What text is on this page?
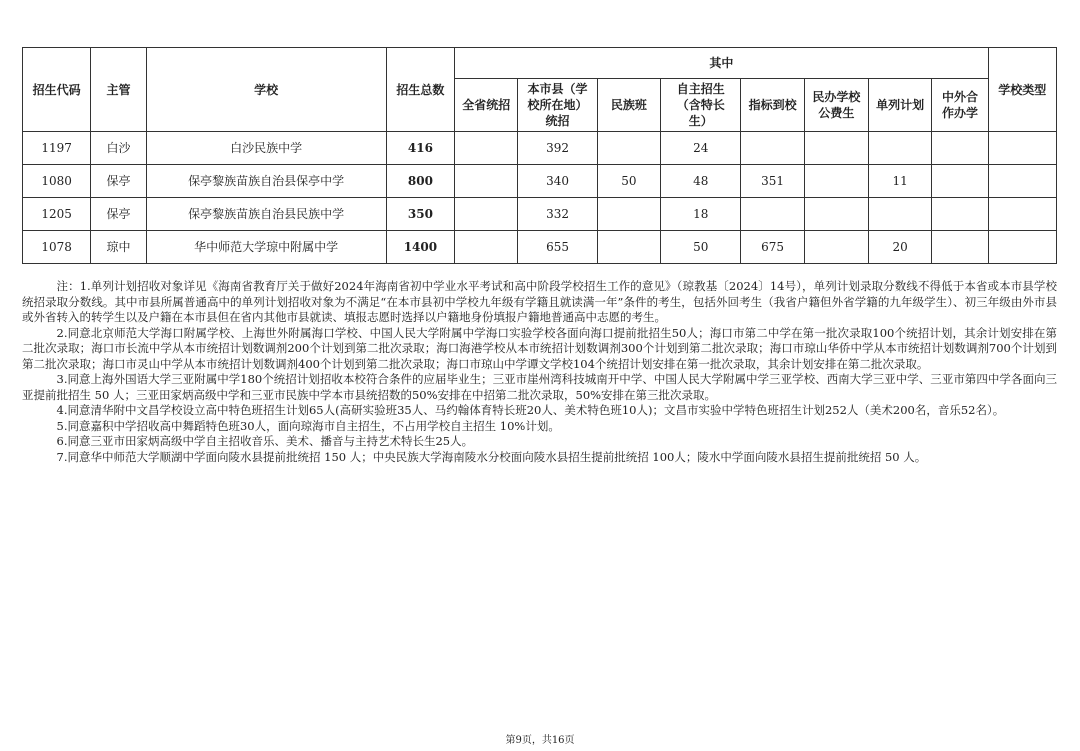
招生代码	主管	学校	招生总数	其中								学校类型
				全省统招	本市县（学校所在地）统招	民族班	自主招生（含特长生）	指标到校	民办学校公费生	单列计划	中外合作办学	
1197	白沙	白沙民族中学	416		392		24					
1080	保亭	保亭黎族苗族自治县保亭中学	800		340	50	48	351		11		
1205	保亭	保亭黎族苗族自治县民族中学	350		332		18					
1078	琼中	华中师范大学琼中附属中学	1400		655		50	675		20		

注：1.单列计划招收对象详见《海南省教育厅关于做好2024年海南省初中学业水平考试和高中阶段学校招生工作的意见》（琼教基〔2024〕14号），单列计划录取分数线不得低于本省或本市县学校统招录取分数线。其中市县所属普通高中的单列计划招收对象为不满足“在本市县初中学校九年级有学籍且就读满一年”条件的考生，包括外回考生（我省户籍但外省学籍的九年级学生）、初三年级由外市县或外省转入的转学生以及户籍在本市县但在省内其他市县就读、填报志愿时选择以户籍地身份填报户籍地普通高中志愿的考生。

2.同意北京师范大学海口附属学校、上海世外附属海口学校、中国人民大学附属中学海口实验学校各面向海口提前批招生50人；海口市第二中学在第一批次录取100个统招计划，其余计划安排在第二批次录取；海口市长流中学从本市统招计划数调剂200个计划到第二批次录取；海口海港学校从本市统招计划数调剂300个计划到第二批次录取；海口市琼山华侨中学从本市统招计划数调剂700个计划到第二批次录取；海口市灵山中学从本市统招计划数调剂400个计划到第二批次录取；海口市琼山中学谭文学校104个统招计划安排在第一批次录取，其余计划安排在第二批次录取。

3.同意上海外国语大学三亚附属中学180个统招计划招收本校符合条件的应届毕业生；三亚市崖州湾科技城南开中学、中国人民大学附属中学三亚学校、西南大学三亚中学、三亚市第四中学各面向三亚提前批招生 50 人；三亚田家炳高级中学和三亚市民族中学本市县统招数的50%安排在中招第二批次录取，50%安排在第三批次录取。

4.同意清华附中文昌学校设立高中特色班招生计划65人(高研实验班35人、马约翰体育特长班20人、美术特色班10人)；文昌市实验中学特色班招生计划252人（美术200名，音乐52名）。

5.同意嘉积中学招收高中舞蹈特色班30人，面向琼海市自主招生，不占用学校自主招生 10%计划。

6.同意三亚市田家炳高级中学自主招收音乐、美术、播音与主持艺术特长生25人。

7.同意华中师范大学顺湖中学面向陵水县提前批统招 150 人；中央民族大学海南陵水分校面向陵水县招生提前批统招 100人；陵水中学面向陵水县招生提前批统招 50 人。

第9页，共16页
